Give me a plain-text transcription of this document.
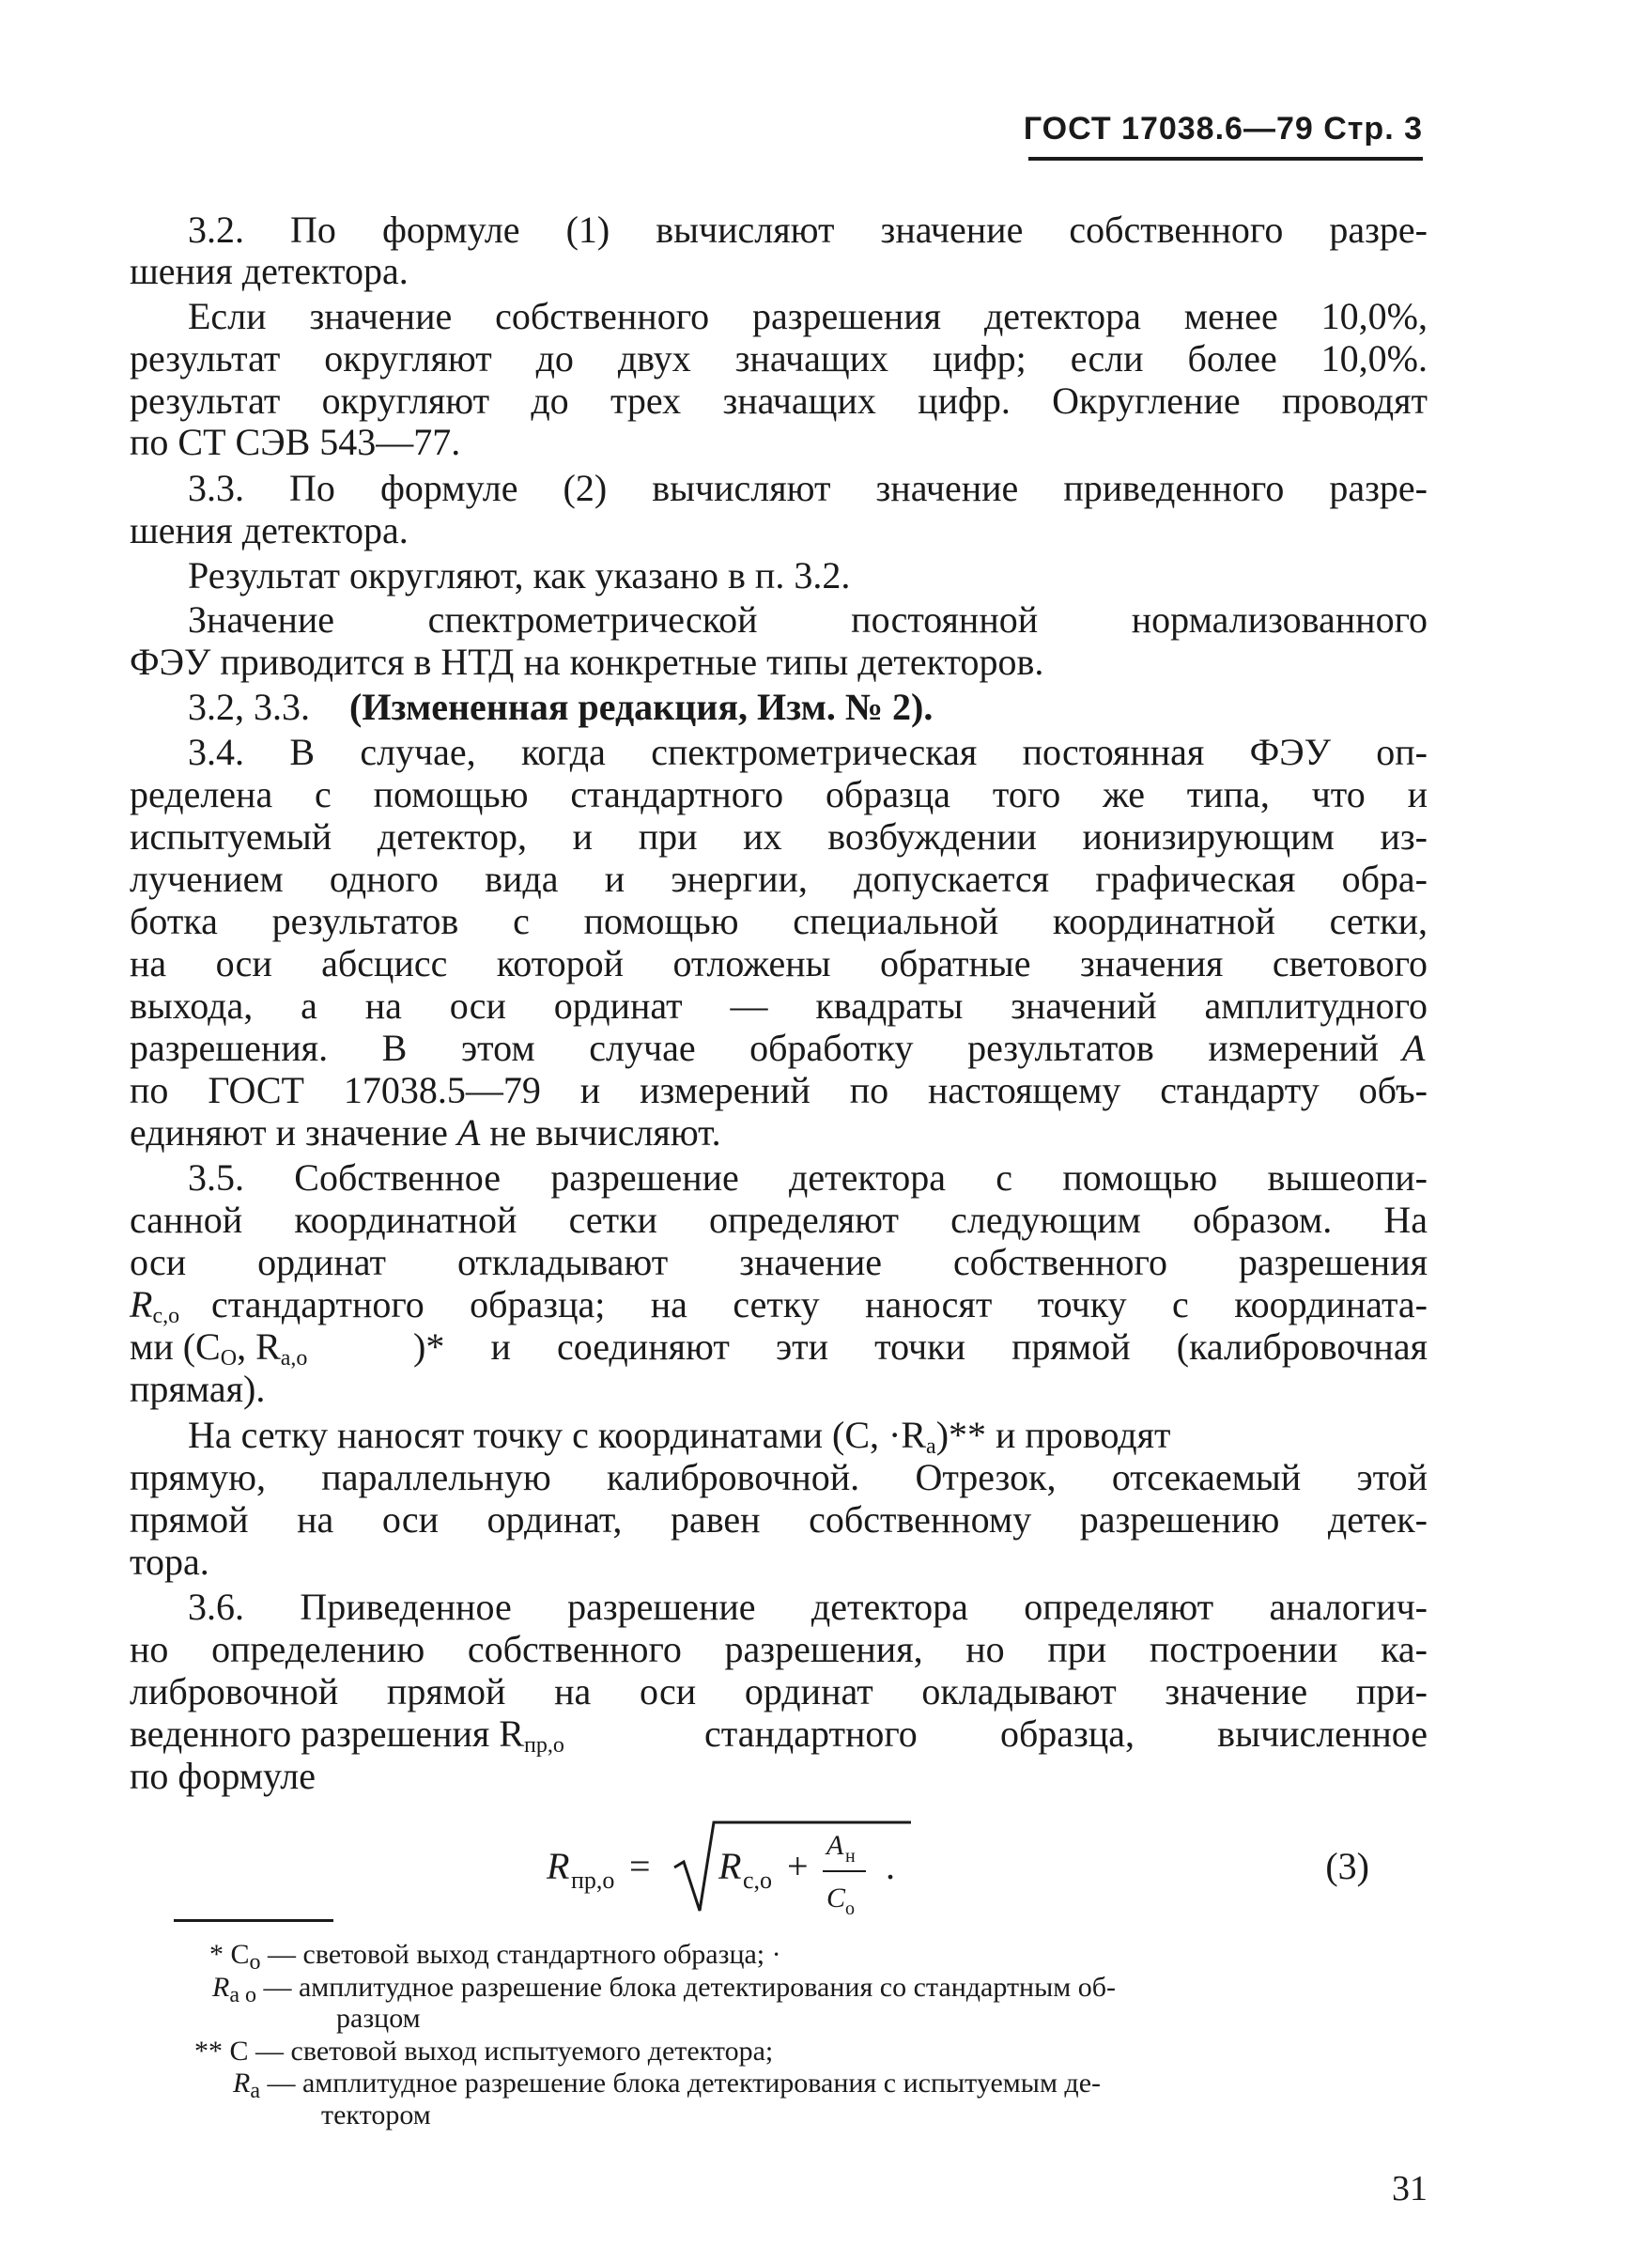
ГОСТ 17038.6—79 Стр. 3
3.2. По формуле (1) вычисляют значение собственного разре-
шения детектора.
Если значение собственного разрешения детектора менее 10,0%,
результат округляют до двух значащих цифр; если более 10,0%.
результат округляют до трех значащих цифр. Округление проводят
по СТ СЭВ 543—77.
3.3. По формуле (2) вычисляют значение приведенного разре-
шения детектора.
Результат округляют, как указано в п. 3.2.
Значение спектрометрической постоянной нормализованного
ФЭУ приводится в НТД на конкретные типы детекторов.
3.2, 3.3. (Измененная редакция, Изм. № 2).
3.4. В случае, когда спектрометрическая постоянная ФЭУ оп-
ределена с помощью стандартного образца того же типа, что и
испытуемый детектор, и при их возбуждении ионизирующим из-
лучением одного вида и энергии, допускается графическая обра-
ботка результатов с помощью специальной координатной сетки,
на оси абсцисс которой отложены обратные значения светового
выхода, а на оси ординат — квадраты значений амплитудного
разрешения. В этом случае обработку результатов измерений A
по ГОСТ 17038.5—79 и измерений по настоящему стандарту объ-
единяют и значение A не вычисляют.
3.5. Собственное разрешение детектора с помощью вышеопи-
санной координатной сетки определяют следующим образом. На
оси ординат откладывают значение собственного разрешения
$R_{с,о}$ стандартного образца; на сетку наносят точку с координата-
ми ($C_O$, $R_{а,о}$	)* и соединяют эти точки прямой (калибровочная
прямая).
На сетку наносят точку с координатами (C, $\cdot R_а)**$ и проводят
прямую, параллельную калибровочной. Отрезок, отсекаемый этой
прямой на оси ординат, равен собственному разрешению детек-
тора.
3.6. Приведенное разрешение детектора определяют аналогич-
но определению собственного разрешения, но при построении ка-
либровочной прямой на оси ординат окладывают значение при-
веденного разрешения $R_{пр,о}$	стандартного образца, вычисленное
по формуле
R пр,о = R с,о + A н
C о
.	(3)
* $C_о$ — световой выход стандартного образца; ·
$R_{а о}$ — амплитудное разрешение блока детектирования со стандартным об-
разцом
** C — световой выход испытуемого детектора;
$R_а$ — амплитудное разрешение блока детектирования с испытуемым де-
тектором
31
